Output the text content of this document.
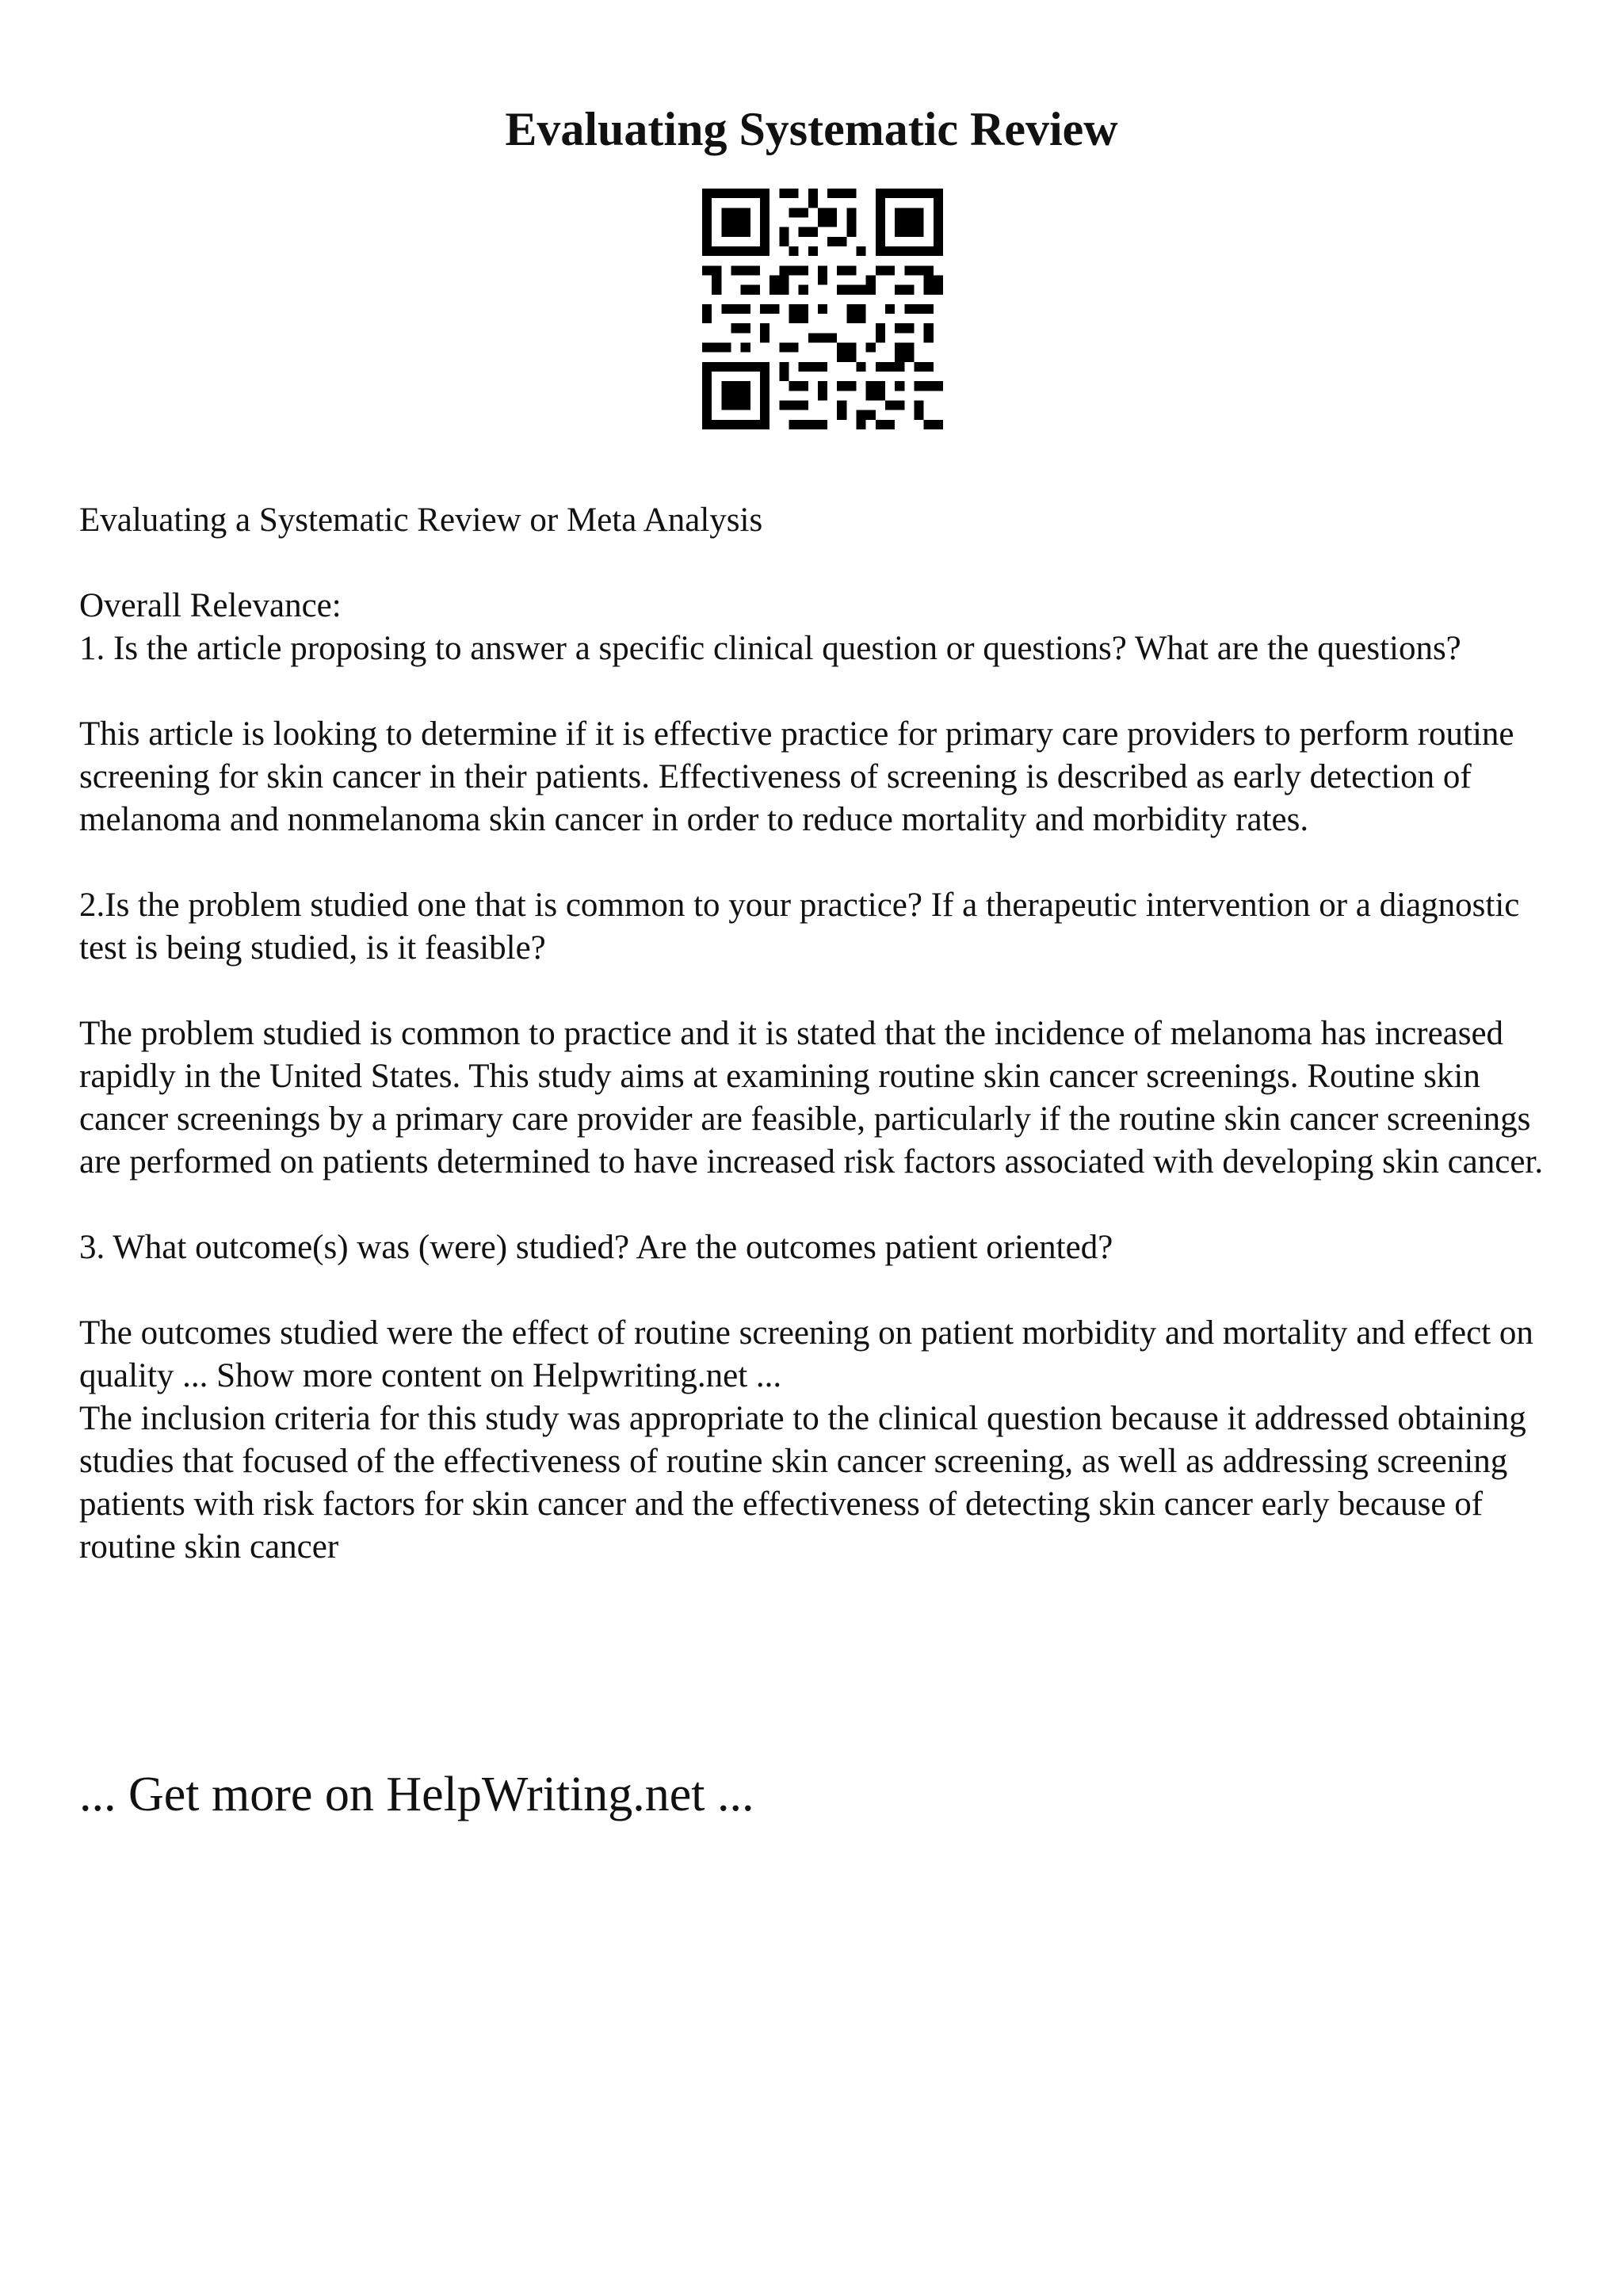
Evaluating Systematic Review

Evaluating a Systematic Review or Meta Analysis

Overall Relevance:

1. Is the article proposing to answer a specific clinical question or questions? What are the questions?

This article is looking to determine if it is effective practice for primary care providers to perform routine screening for skin cancer in their patients. Effectiveness of screening is described as early detection of melanoma and nonmelanoma skin cancer in order to reduce mortality and morbidity rates.

2.Is the problem studied one that is common to your practice? If a therapeutic intervention or a diagnostic test is being studied, is it feasible?

The problem studied is common to practice and it is stated that the incidence of melanoma has increased rapidly in the United States. This study aims at examining routine skin cancer screenings. Routine skin cancer screenings by a primary care provider are feasible, particularly if the routine skin cancer screenings are performed on patients determined to have increased risk factors associated with developing skin cancer.

3. What outcome(s) was (were) studied? Are the outcomes patient oriented?

The outcomes studied were the effect of routine screening on patient morbidity and mortality and effect on quality ... Show more content on Helpwriting.net ...

The inclusion criteria for this study was appropriate to the clinical question because it addressed obtaining studies that focused of the effectiveness of routine skin cancer screening, as well as addressing screening patients with risk factors for skin cancer and the effectiveness of detecting skin cancer early because of routine skin cancer

... Get more on HelpWriting.net ...
